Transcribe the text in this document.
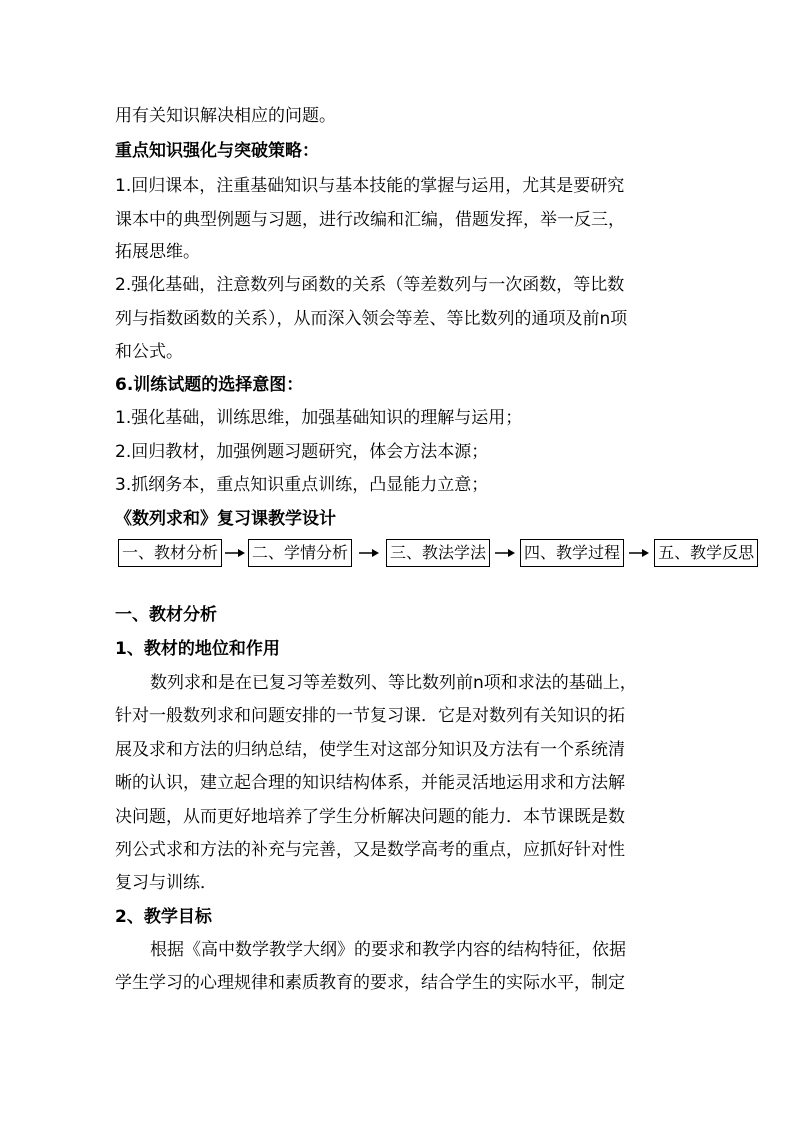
用有关知识解决相应的问题。
重点知识强化与突破策略：
1.回归课本，注重基础知识与基本技能的掌握与运用，尤其是要研究
课本中的典型例题与习题，进行改编和汇编，借题发挥，举一反三，
拓展思维。
2.强化基础，注意数列与函数的关系（等差数列与一次函数，等比数
列与指数函数的关系），从而深入领会等差、等比数列的通项及前n项
和公式。
6.训练试题的选择意图：
1.强化基础，训练思维，加强基础知识的理解与运用；
2.回归教材，加强例题习题研究，体会方法本源；
3.抓纲务本，重点知识重点训练，凸显能力立意；
《数列求和》复习课教学设计
一、教材分析 二、学情分析	三、教法学法 四、教学过程 五、教学反思
一、教材分析
1、教材的地位和作用
数列求和是在已复习等差数列、等比数列前n项和求法的基础上，
针对一般数列求和问题安排的一节复习课．它是对数列有关知识的拓
展及求和方法的归纳总结，使学生对这部分知识及方法有一个系统清
晰的认识，建立起合理的知识结构体系，并能灵活地运用求和方法解
决问题，从而更好地培养了学生分析解决问题的能力．本节课既是数
列公式求和方法的补充与完善，又是数学高考的重点，应抓好针对性
复习与训练．
2、教学目标
根据《高中数学教学大纲》的要求和教学内容的结构特征，依据
学生学习的心理规律和素质教育的要求，结合学生的实际水平，制定
